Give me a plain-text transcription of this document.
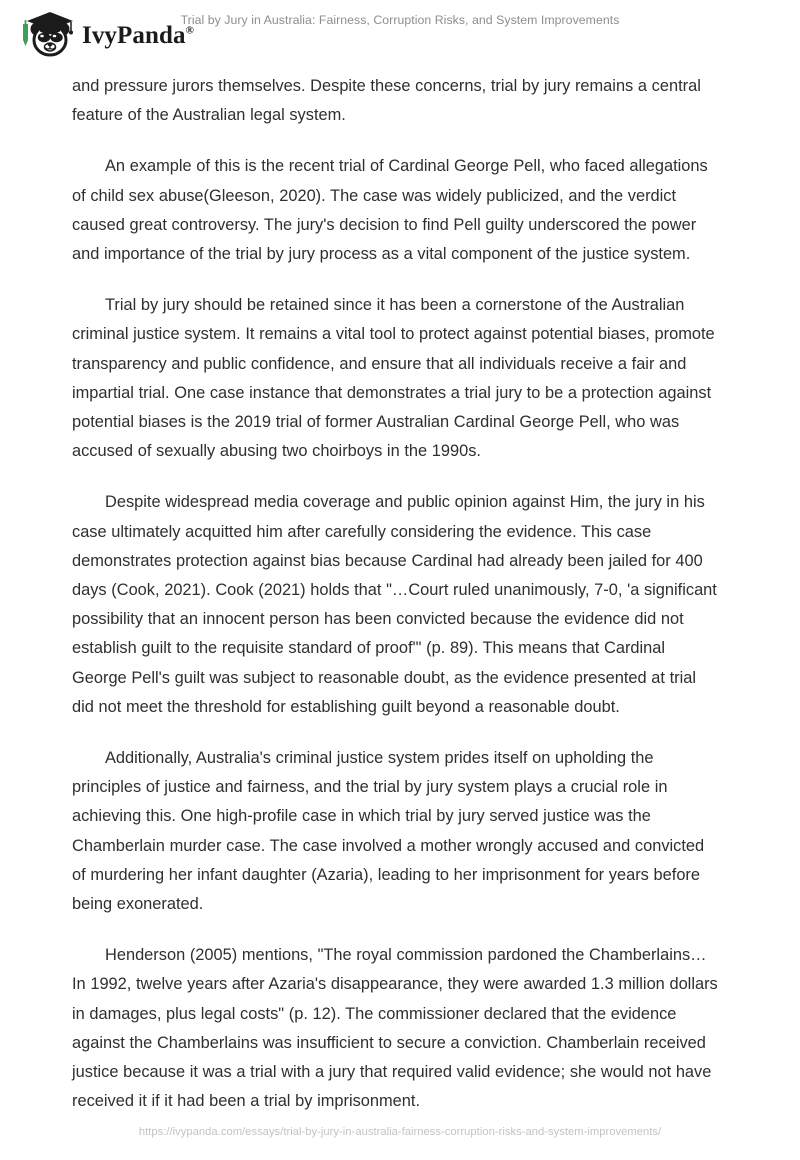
IvyPanda®
Trial by Jury in Australia: Fairness, Corruption Risks, and System Improvements

and pressure jurors themselves. Despite these concerns, trial by jury remains a central feature of the Australian legal system.

An example of this is the recent trial of Cardinal George Pell, who faced allegations of child sex abuse(Gleeson, 2020). The case was widely publicized, and the verdict caused great controversy. The jury's decision to find Pell guilty underscored the power and importance of the trial by jury process as a vital component of the justice system.

Trial by jury should be retained since it has been a cornerstone of the Australian criminal justice system. It remains a vital tool to protect against potential biases, promote transparency and public confidence, and ensure that all individuals receive a fair and impartial trial. One case instance that demonstrates a trial jury to be a protection against potential biases is the 2019 trial of former Australian Cardinal George Pell, who was accused of sexually abusing two choirboys in the 1990s.

Despite widespread media coverage and public opinion against Him, the jury in his case ultimately acquitted him after carefully considering the evidence. This case demonstrates protection against bias because Cardinal had already been jailed for 400 days (Cook, 2021). Cook (2021) holds that "…Court ruled unanimously, 7-0, 'a significant possibility that an innocent person has been convicted because the evidence did not establish guilt to the requisite standard of proof'" (p. 89). This means that Cardinal George Pell's guilt was subject to reasonable doubt, as the evidence presented at trial did not meet the threshold for establishing guilt beyond a reasonable doubt.

Additionally, Australia's criminal justice system prides itself on upholding the principles of justice and fairness, and the trial by jury system plays a crucial role in achieving this. One high-profile case in which trial by jury served justice was the Chamberlain murder case. The case involved a mother wrongly accused and convicted of murdering her infant daughter (Azaria), leading to her imprisonment for years before being exonerated.

Henderson (2005) mentions, "The royal commission pardoned the Chamberlains… In 1992, twelve years after Azaria's disappearance, they were awarded 1.3 million dollars in damages, plus legal costs" (p. 12). The commissioner declared that the evidence against the Chamberlains was insufficient to secure a conviction. Chamberlain received justice because it was a trial with a jury that required valid evidence; she would not have received it if it had been a trial by imprisonment.

https://ivypanda.com/essays/trial-by-jury-in-australia-fairness-corruption-risks-and-system-improvements/
